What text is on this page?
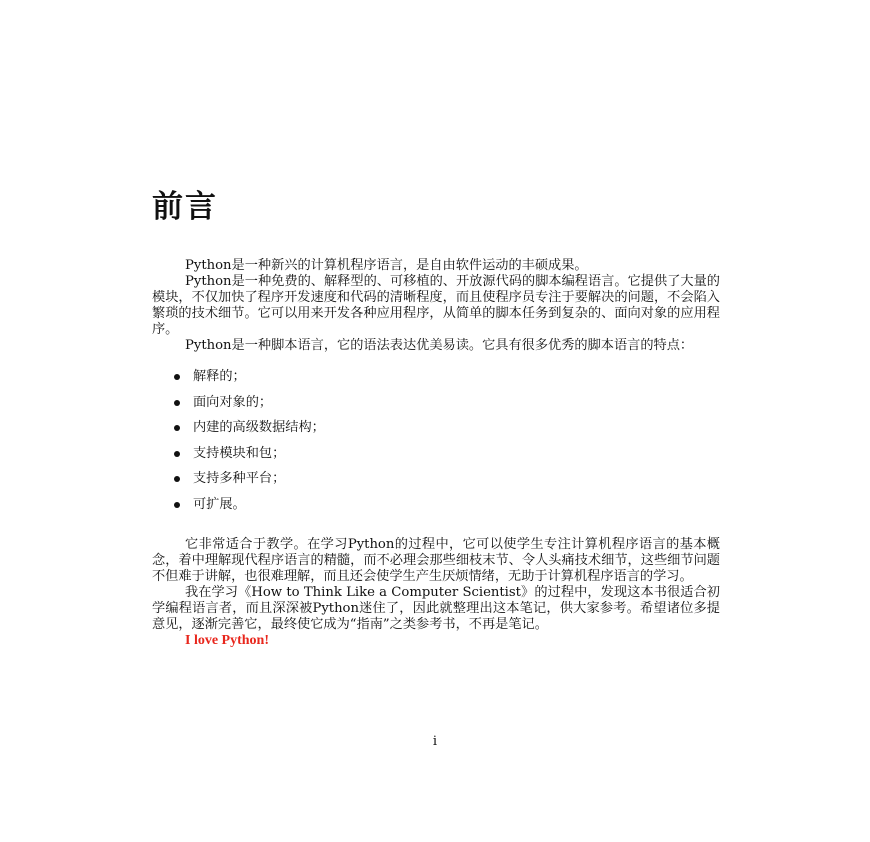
前言

Python是一种新兴的计算机程序语言，是自由软件运动的丰硕成果。

Python是一种免费的、解释型的、可移植的、开放源代码的脚本编程语言。它提供了大量的模块，不仅加快了程序开发速度和代码的清晰程度，而且使程序员专注于要解决的问题，不会陷入繁琐的技术细节。它可以用来开发各种应用程序，从简单的脚本任务到复杂的、面向对象的应用程序。

Python是一种脚本语言，它的语法表达优美易读。它具有很多优秀的脚本语言的特点：

解释的；
面向对象的；
内建的高级数据结构；
支持模块和包；
支持多种平台；
可扩展。

它非常适合于教学。在学习Python的过程中，它可以使学生专注计算机程序语言的基本概念，着中理解现代程序语言的精髓，而不必理会那些细枝末节、令人头痛技术细节，这些细节问题不但难于讲解，也很难理解，而且还会使学生产生厌烦情绪，无助于计算机程序语言的学习。

我在学习《How to Think Like a Computer Scientist》的过程中，发现这本书很适合初学编程语言者，而且深深被Python迷住了，因此就整理出这本笔记，供大家参考。希望诸位多提意见，逐渐完善它，最终使它成为“指南”之类参考书，不再是笔记。

I love Python!

i
